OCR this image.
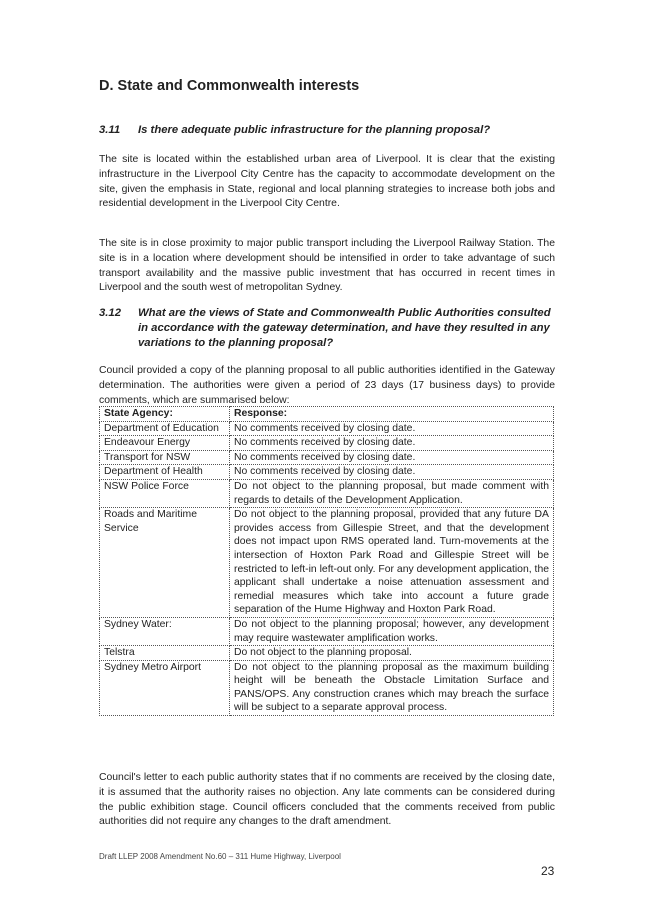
D. State and Commonwealth interests
3.11	Is there adequate public infrastructure for the planning proposal?
The site is located within the established urban area of Liverpool. It is clear that the existing infrastructure in the Liverpool City Centre has the capacity to accommodate development on the site, given the emphasis in State, regional and local planning strategies to increase both jobs and residential development in the Liverpool City Centre.
The site is in close proximity to major public transport including the Liverpool Railway Station. The site is in a location where development should be intensified in order to take advantage of such transport availability and the massive public investment that has occurred in recent times in Liverpool and the south west of metropolitan Sydney.
3.12	What are the views of State and Commonwealth Public Authorities consulted in accordance with the gateway determination, and have they resulted in any variations to the planning proposal?
Council provided a copy of the planning proposal to all public authorities identified in the Gateway determination. The authorities were given a period of 23 days (17 business days) to provide comments, which are summarised below:
State Agency:	Response:
Department of Education	No comments received by closing date.
Endeavour Energy	No comments received by closing date.
Transport for NSW	No comments received by closing date.
Department of Health	No comments received by closing date.
NSW Police Force	Do not object to the planning proposal, but made comment with regards to details of the Development Application.
Roads and Maritime Service	Do not object to the planning proposal, provided that any future DA provides access from Gillespie Street, and that the development does not impact upon RMS operated land. Turn-movements at the intersection of Hoxton Park Road and Gillespie Street will be restricted to left-in left-out only. For any development application, the applicant shall undertake a noise attenuation assessment and remedial measures which take into account a future grade separation of the Hume Highway and Hoxton Park Road.
Sydney Water:	Do not object to the planning proposal; however, any development may require wastewater amplification works.
Telstra	Do not object to the planning proposal.
Sydney Metro Airport	Do not object to the planning proposal as the maximum building height will be beneath the Obstacle Limitation Surface and PANS/OPS. Any construction cranes which may breach the surface will be subject to a separate approval process.
Council's letter to each public authority states that if no comments are received by the closing date, it is assumed that the authority raises no objection. Any late comments can be considered during the public exhibition stage. Council officers concluded that the comments received from public authorities did not require any changes to the draft amendment.
Draft LLEP 2008 Amendment No.60 – 311 Hume Highway, Liverpool
23
